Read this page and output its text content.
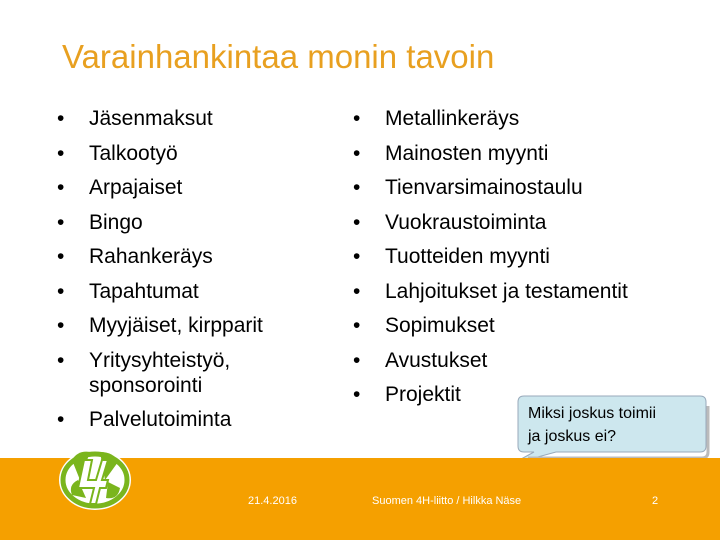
Varainhankintaa monin tavoin
• Jäsenmaksut
• Talkootyö
• Arpajaiset
• Bingo
• Rahankeräys
• Tapahtumat
• Myyjäiset, kirpparit
• Yritysyhteistyö, sponsorointi
• Palvelutoiminta
• Metallinkeräys
• Mainosten myynti
• Tienvarsimainostaulu
• Vuokraustoiminta
• Tuotteiden myynti
• Lahjoitukset ja testamentit
• Sopimukset
• Avustukset
• Projektit
Miksi joskus toimii
ja joskus ei?
21.4.2016	Suomen 4H-liitto / Hilkka Näse	2
